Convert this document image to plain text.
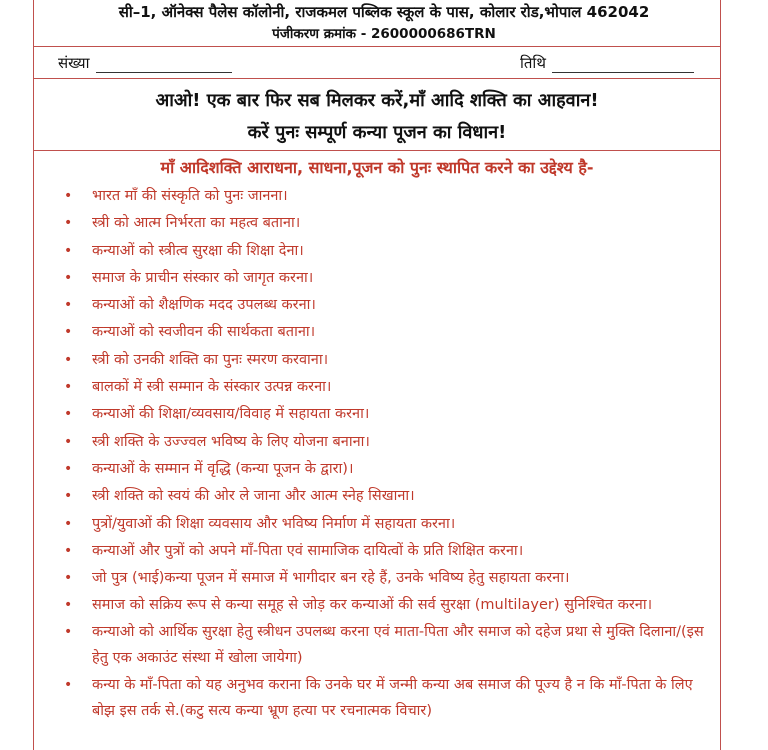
सी–1, ऑनेक्स पैलेस कॉलोनी, राजकमल पब्लिक स्कूल के पास, कोलार रोड,भोपाल 462042
पंजीकरण क्रमांक - 2600000686TRN
संख्या	तिथि
आओ! एक बार फिर सब मिलकर करें,माँ आदि शक्ति का आहवान!
करें पुनः सम्पूर्ण कन्या पूजन का विधान!
माँ आदिशक्ति आराधना, साधना,पूजन को पुनः स्थापित करने का उद्देश्य है-
• भारत माँ की संस्कृति को पुनः जानना।
• स्त्री को आत्म निर्भरता का महत्व बताना।
• कन्याओं को स्त्रीत्व सुरक्षा की शिक्षा देना।
• समाज के प्राचीन संस्कार को जागृत करना।
• कन्याओं को शैक्षणिक मदद उपलब्ध करना।
• कन्याओं को स्वजीवन की सार्थकता बताना।
• स्त्री को उनकी शक्ति का पुनः स्मरण करवाना।
• बालकों में स्त्री सम्मान के संस्कार उत्पन्न करना।
• कन्याओं की शिक्षा/व्यवसाय/विवाह में सहायता करना।
• स्त्री शक्ति के उज्ज्वल भविष्य के लिए योजना बनाना।
• कन्याओं के सम्मान में वृद्धि (कन्या पूजन के द्वारा)।
• स्त्री शक्ति को स्वयं की ओर ले जाना और आत्म स्नेह सिखाना।
• पुत्रों/युवाओं की शिक्षा व्यवसाय और भविष्य निर्माण में सहायता करना।
• कन्याओं और पुत्रों को अपने माँ-पिता एवं सामाजिक दायित्वों के प्रति शिक्षित करना।
• जो पुत्र (भाई)कन्या पूजन में समाज में भागीदार बन रहे हैं, उनके भविष्य हेतु सहायता करना।
• समाज को सक्रिय रूप से कन्या समूह से जोड़ कर कन्याओं की सर्व सुरक्षा (multilayer) सुनिश्चित करना।
• कन्याओ को आर्थिक सुरक्षा हेतु स्त्रीधन उपलब्ध करना एवं माता-पिता और समाज को दहेज प्रथा से मुक्ति दिलाना/(इस हेतु एक अकाउंट संस्था में खोला जायेगा)
• कन्या के माँ-पिता को यह अनुभव कराना कि उनके घर में जन्मी कन्या अब समाज की पूज्य है न कि माँ-पिता के लिए बोझ इस तर्क से.(कटु सत्य कन्या भ्रूण हत्या पर रचनात्मक विचार)
